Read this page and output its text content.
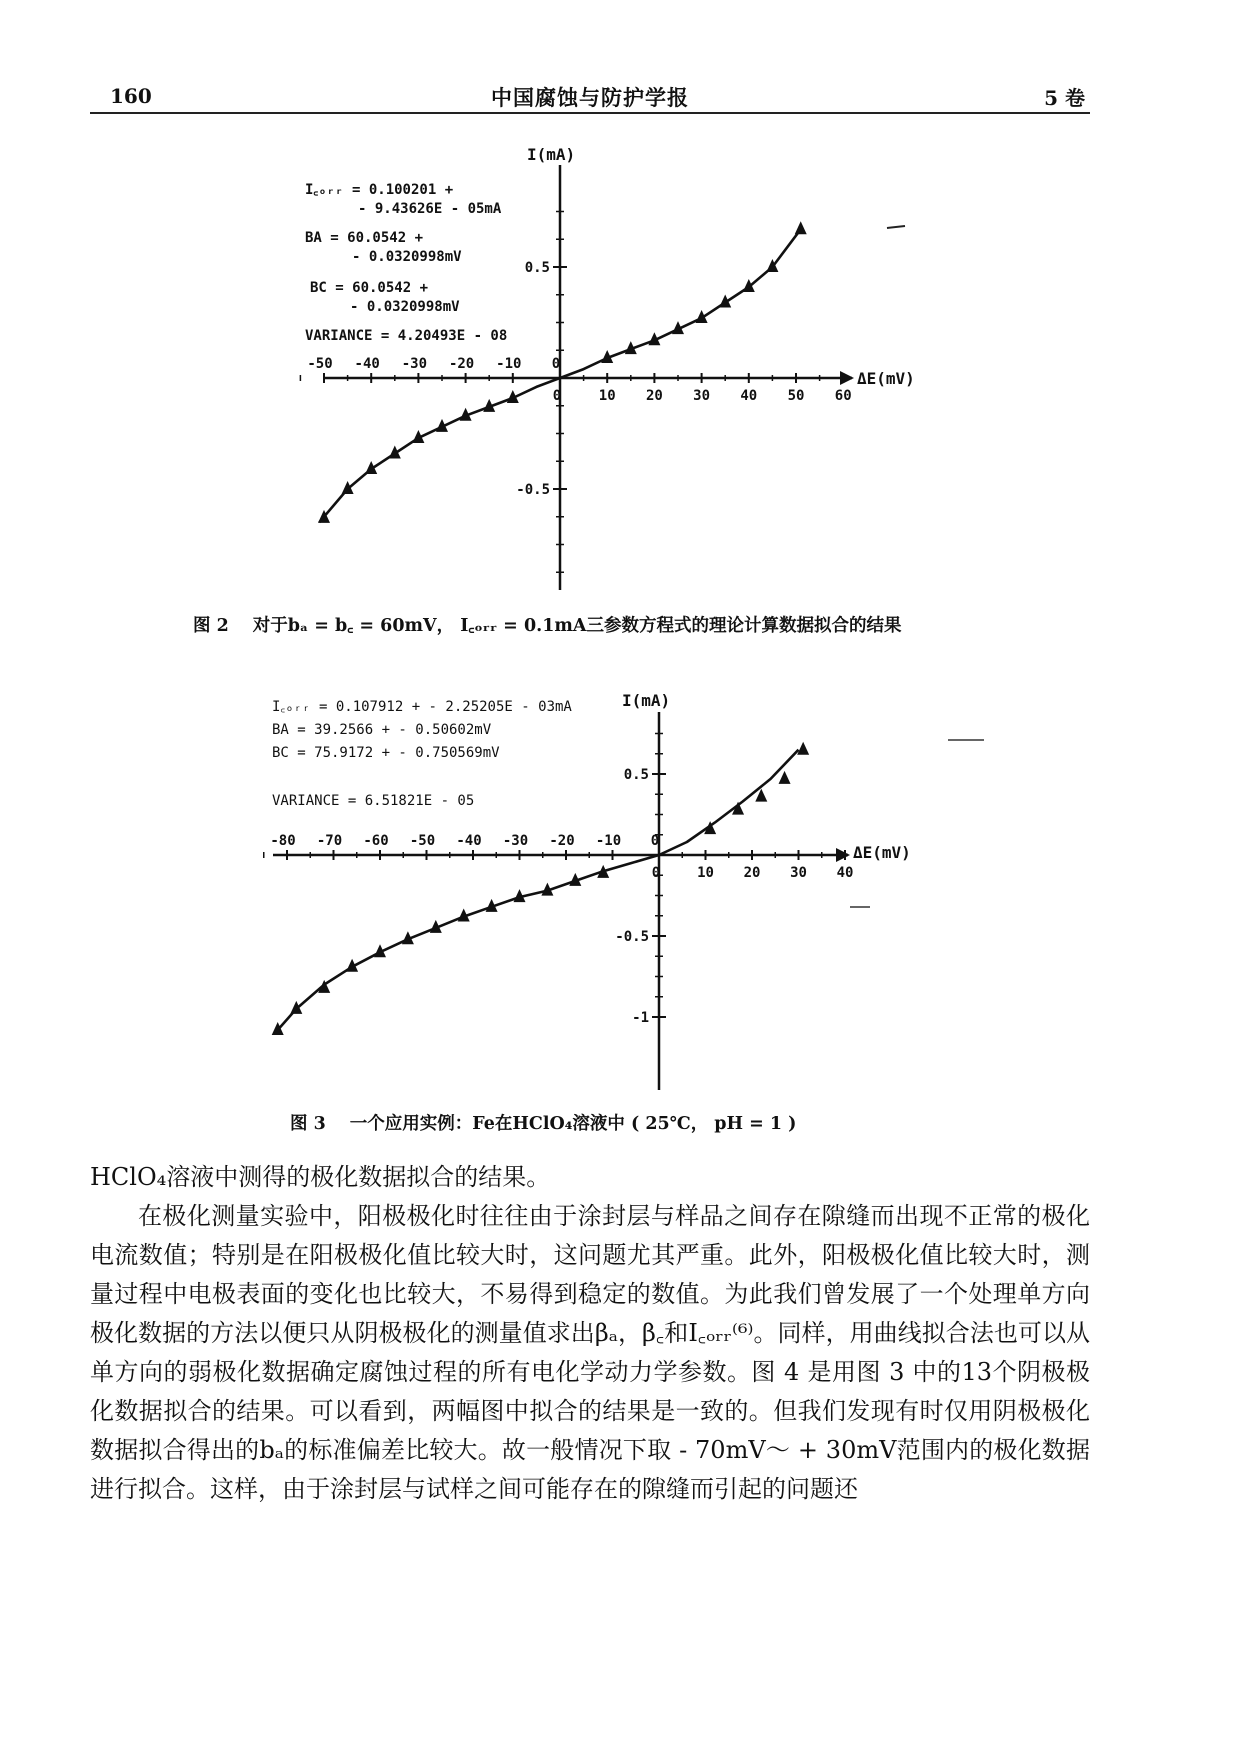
160	中国腐蚀与防护学报	5 卷
I꜀ₒᵣᵣ = 0.100201 +
- 9.43626E - 05mA
BA = 60.0542 +
- 0.0320998mV
BC = 60.0542 +
- 0.0320998mV
VARIANCE = 4.20493E - 08
I(mA)
ΔE(mV)
-50 -40 -30 -20 -10 0
0	10 20 30 40 50 60
0.5
-0.5
图 2 对于bₐ = b꜀ = 60mV， I꜀ₒᵣᵣ = 0.1mA三参数方程式的理论计算数据拟合的结果
I꜀ₒᵣᵣ = 0.107912 + - 2.25205E - 03mA
BA = 39.2566 + - 0.50602mV
BC = 75.9172 + - 0.750569mV
VARIANCE = 6.51821E - 05
I(mA)
ΔE(mV)
-80 -70 -60 -50 -40 -30 -20 -10 0
0	10 20 30 40
0.5
-0.5
-1
图 3 一个应用实例：Fe在HClO₄溶液中 ( 25℃， pH = 1 )

HClO₄溶液中测得的极化数据拟合的结果。

在极化测量实验中，阳极极化时往往由于涂封层与样品之间存在隙缝而出现不正常的极化电流数值；特别是在阳极极化值比较大时，这问题尤其严重。此外，阳极极化值比较大时，测量过程中电极表面的变化也比较大，不易得到稳定的数值。为此我们曾发展了一个处理单方向极化数据的方法以便只从阴极极化的测量值求出βₐ，β꜀和I꜀ₒᵣᵣ⁽⁶⁾。同样，用曲线拟合法也可以从单方向的弱极化数据确定腐蚀过程的所有电化学动力学参数。图 4 是用图 3 中的13个阴极极化数据拟合的结果。可以看到，两幅图中拟合的结果是一致的。但我们发现有时仅用阴极极化数据拟合得出的bₐ的标准偏差比较大。故一般情况下取 - 70mV～ + 30mV范围内的极化数据进行拟合。这样，由于涂封层与试样之间可能存在的隙缝而引起的问题还
